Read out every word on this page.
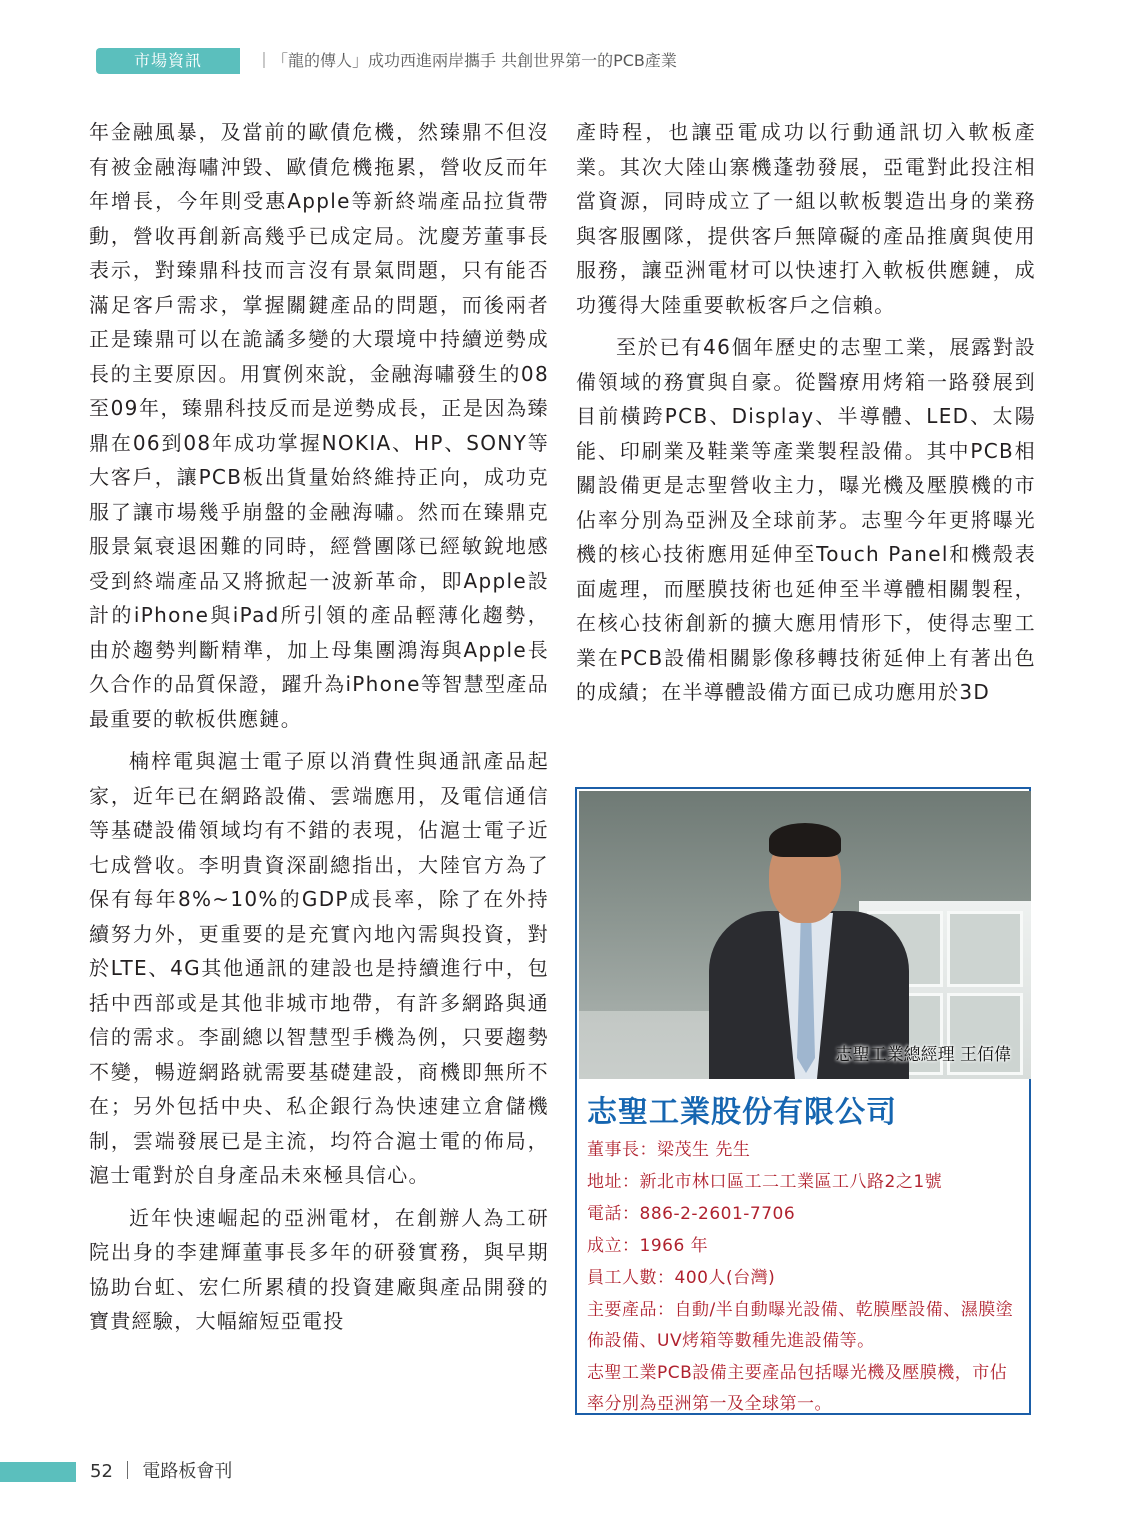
市場資訊	｜「龍的傳人」成功西進兩岸攜手 共創世界第一的PCB產業

年金融風暴，及當前的歐債危機，然臻鼎不但沒有被金融海嘯沖毀、歐債危機拖累，營收反而年年增長，今年則受惠Apple等新終端產品拉貨帶動，營收再創新高幾乎已成定局。沈慶芳董事長表示，對臻鼎科技而言沒有景氣問題，只有能否滿足客戶需求，掌握關鍵產品的問題，而後兩者正是臻鼎可以在詭譎多變的大環境中持續逆勢成長的主要原因。用實例來說，金融海嘯發生的08至09年，臻鼎科技反而是逆勢成長，正是因為臻鼎在06到08年成功掌握NOKIA、HP、SONY等大客戶，讓PCB板出貨量始終維持正向，成功克服了讓市場幾乎崩盤的金融海嘯。然而在臻鼎克服景氣衰退困難的同時，經營團隊已經敏銳地感受到終端產品又將掀起一波新革命，即Apple設計的iPhone與iPad所引領的產品輕薄化趨勢，由於趨勢判斷精準，加上母集團鴻海與Apple長久合作的品質保證，躍升為iPhone等智慧型產品最重要的軟板供應鏈。

楠梓電與滬士電子原以消費性與通訊產品起家，近年已在網路設備、雲端應用，及電信通信等基礎設備領域均有不錯的表現，佔滬士電子近七成營收。李明貴資深副總指出，大陸官方為了保有每年8%~10%的GDP成長率，除了在外持續努力外，更重要的是充實內地內需與投資，對於LTE、4G其他通訊的建設也是持續進行中，包括中西部或是其他非城市地帶，有許多網路與通信的需求。李副總以智慧型手機為例，只要趨勢不變，暢遊網路就需要基礎建設，商機即無所不在；另外包括中央、私企銀行為快速建立倉儲機制，雲端發展已是主流，均符合滬士電的佈局，滬士電對於自身產品未來極具信心。

近年快速崛起的亞洲電材，在創辦人為工研院出身的李建輝董事長多年的研發實務，與早期協助台虹、宏仁所累積的投資建廠與產品開發的寶貴經驗，大幅縮短亞電投

產時程，也讓亞電成功以行動通訊切入軟板產業。其次大陸山寨機蓬勃發展，亞電對此投注相當資源，同時成立了一組以軟板製造出身的業務與客服團隊，提供客戶無障礙的產品推廣與使用服務，讓亞洲電材可以快速打入軟板供應鏈，成功獲得大陸重要軟板客戶之信賴。

至於已有46個年歷史的志聖工業，展露對設備領域的務實與自豪。從醫療用烤箱一路發展到目前橫跨PCB、Display、半導體、LED、太陽能、印刷業及鞋業等產業製程設備。其中PCB相關設備更是志聖營收主力，曝光機及壓膜機的市佔率分別為亞洲及全球前茅。志聖今年更將曝光機的核心技術應用延伸至Touch Panel和機殼表面處理，而壓膜技術也延伸至半導體相關製程，在核心技術創新的擴大應用情形下，使得志聖工業在PCB設備相關影像移轉技術延伸上有著出色的成績；在半導體設備方面已成功應用於3D

志聖工業總經理 王佰偉
志聖工業股份有限公司
董事長：梁茂生 先生
地址：新北市林口區工二工業區工八路2之1號
電話：886-2-2601-7706
成立：1966 年
員工人數：400人(台灣)
主要產品：自動/半自動曝光設備、乾膜壓設備、濕膜塗佈設備、UV烤箱等數種先進設備等。
志聖工業PCB設備主要產品包括曝光機及壓膜機，市佔率分別為亞洲第一及全球第一。
52 ｜ 電路板會刊
